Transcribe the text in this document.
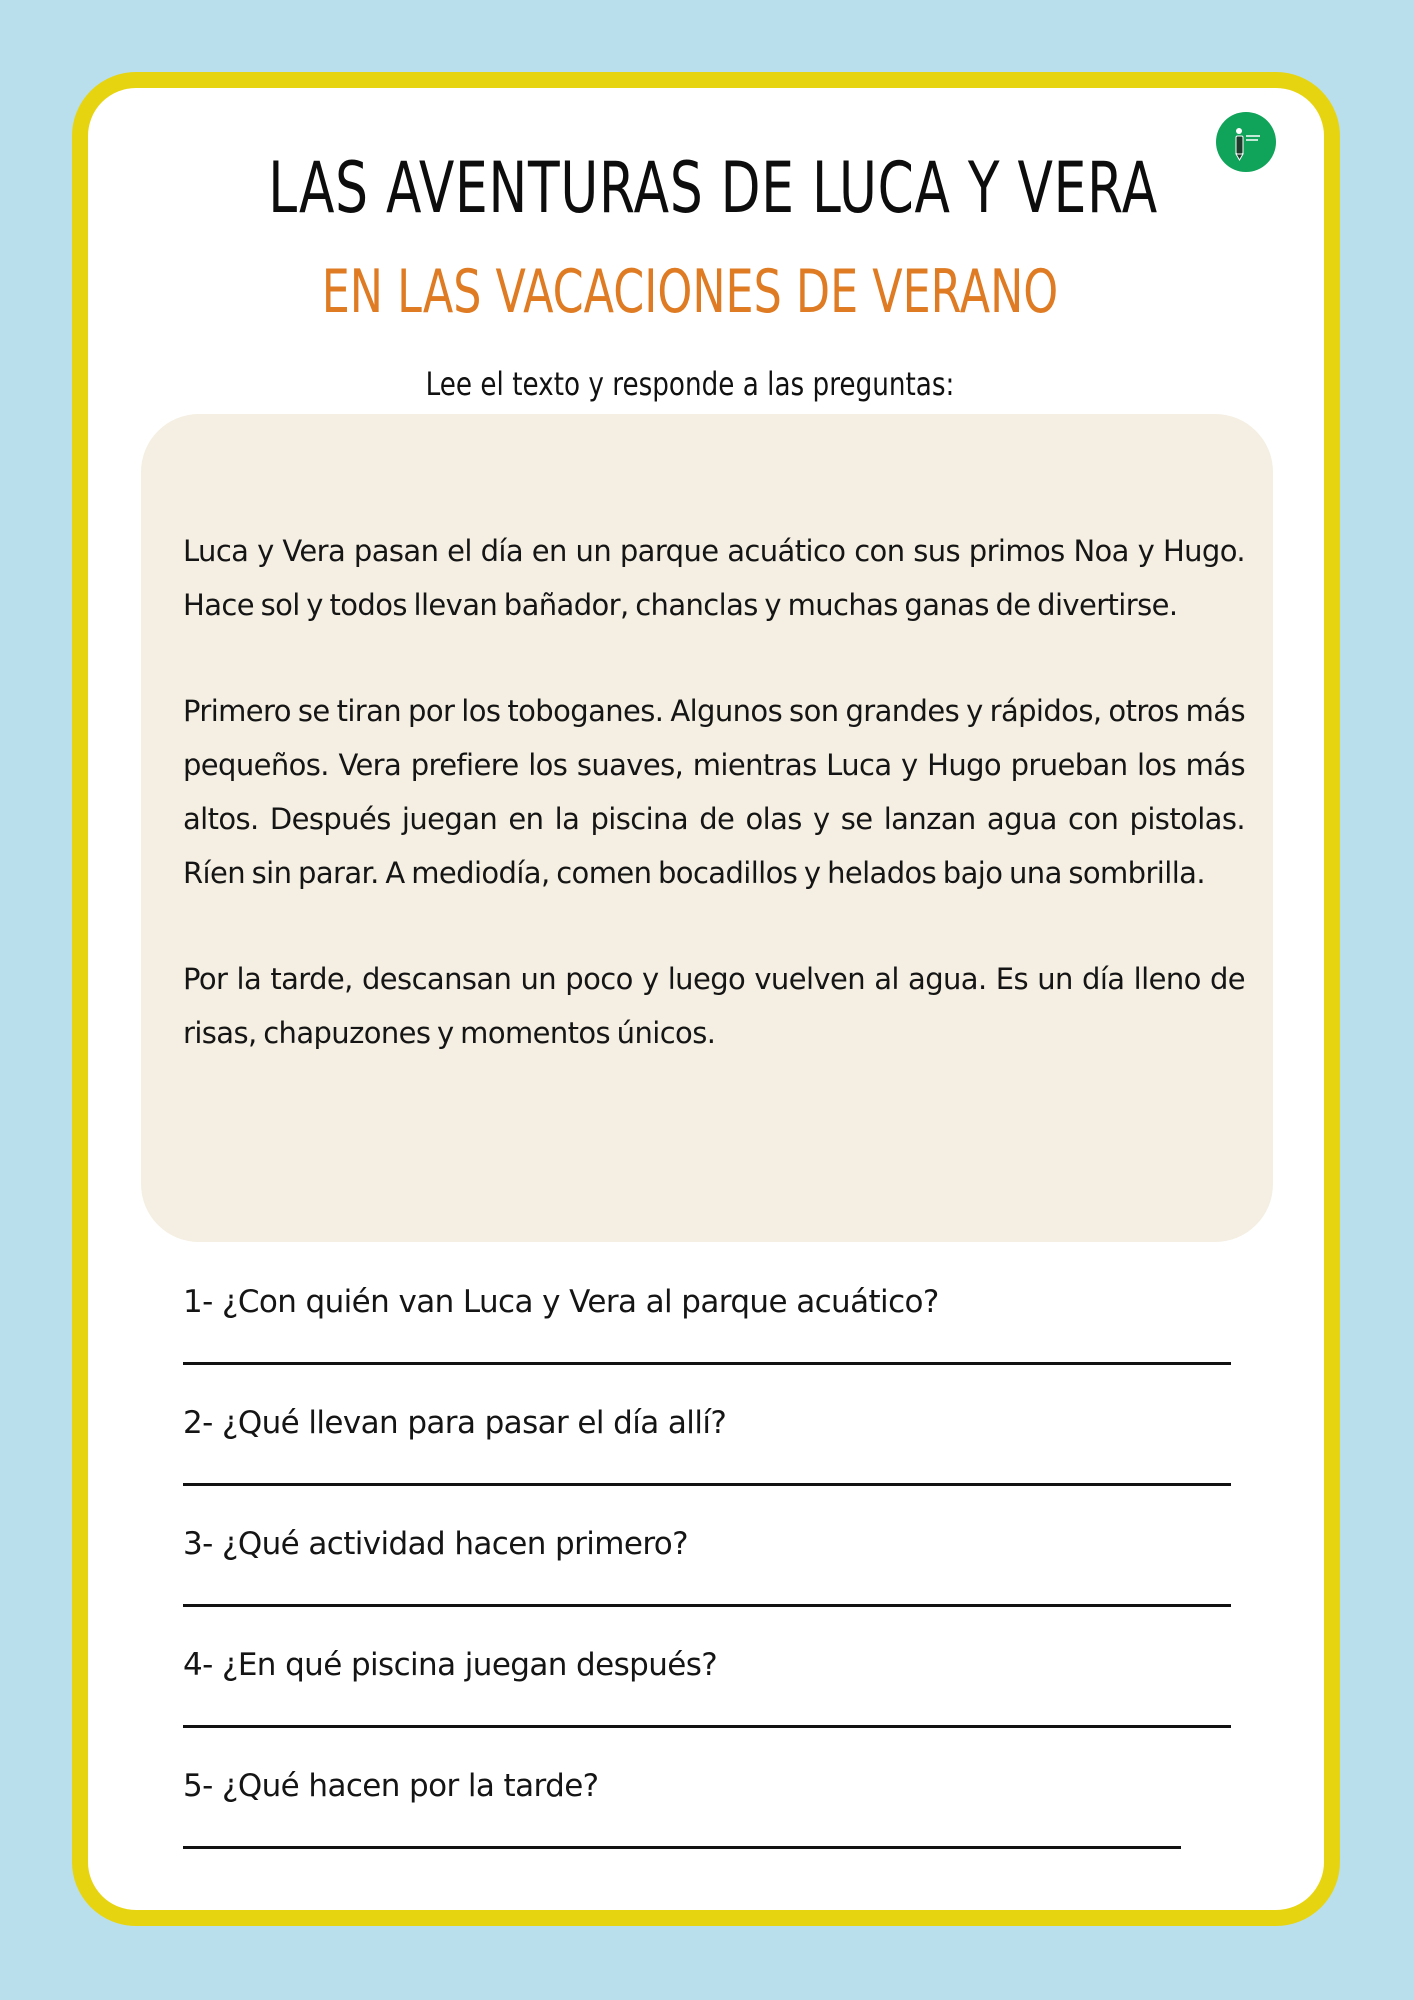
LAS AVENTURAS DE LUCA Y VERA
EN LAS VACACIONES DE VERANO
Lee el texto y responde a las preguntas:

Luca y Vera pasan el día en un parque acuático con sus primos Noa y Hugo. Hace sol y todos llevan bañador, chanclas y muchas ganas de divertirse.

Primero se tiran por los toboganes. Algunos son grandes y rápidos, otros más pequeños. Vera prefiere los suaves, mientras Luca y Hugo prueban los más altos. Después juegan en la piscina de olas y se lanzan agua con pistolas. Ríen sin parar. A mediodía, comen bocadillos y helados bajo una sombrilla.

Por la tarde, descansan un poco y luego vuelven al agua. Es un día lleno de risas, chapuzones y momentos únicos.

1- ¿Con quién van Luca y Vera al parque acuático?
2- ¿Qué llevan para pasar el día allí?
3- ¿Qué actividad hacen primero?
4- ¿En qué piscina juegan después?
5- ¿Qué hacen por la tarde?
